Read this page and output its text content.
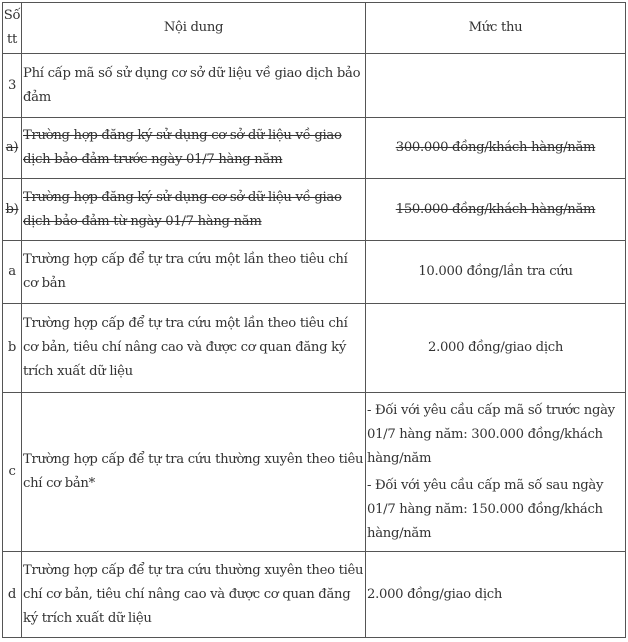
Số tt	Nội dung	Mức thu
3	Phí cấp mã số sử dụng cơ sở dữ liệu về giao dịch bảo đảm	
a)	Trường hợp đăng ký sử dụng cơ sở dữ liệu về giao dịch bảo đảm trước ngày 01/7 hàng năm	300.000 đồng/khách hàng/năm
b)	Trường hợp đăng ký sử dụng cơ sở dữ liệu về giao dịch bảo đảm từ ngày 01/7 hàng năm	150.000 đồng/khách hàng/năm
a	Trường hợp cấp để tự tra cứu một lần theo tiêu chí cơ bản	10.000 đồng/lần tra cứu
b	Trường hợp cấp để tự tra cứu một lần theo tiêu chí cơ bản, tiêu chí nâng cao và được cơ quan đăng ký trích xuất dữ liệu	2.000 đồng/giao dịch
c	Trường hợp cấp để tự tra cứu thường xuyên theo tiêu chí cơ bản*	- Đối với yêu cầu cấp mã số trước ngày 01/7 hàng năm: 300.000 đồng/khách hàng/năm

- Đối với yêu cầu cấp mã số sau ngày 01/7 hàng năm: 150.000 đồng/khách hàng/năm

d	Trường hợp cấp để tự tra cứu thường xuyên theo tiêu chí cơ bản, tiêu chí nâng cao và được cơ quan đăng ký trích xuất dữ liệu	2.000 đồng/giao dịch
